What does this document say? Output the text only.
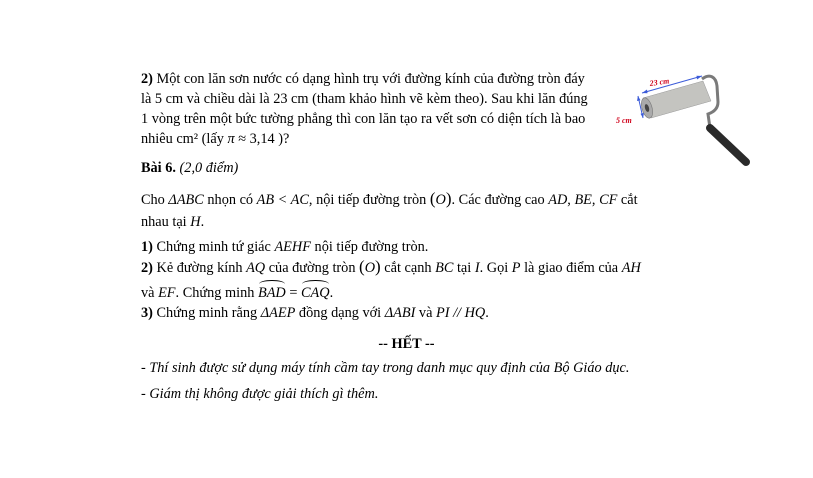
2) Một con lăn sơn nước có dạng hình trụ với đường kính của đường tròn đáy
là 5 cm và chiều dài là 23 cm (tham khảo hình vẽ kèm theo). Sau khi lăn đúng
1 vòng trên một bức tường phẳng thì con lăn tạo ra vết sơn có diện tích là bao
nhiêu cm² (lấy π ≈ 3,14 )?
23 cm
5 cm
Bài 6. (2,0 điểm)
Cho ΔABC nhọn có AB < AC, nội tiếp đường tròn (O). Các đường cao AD, BE, CF cắt
nhau tại H.
1) Chứng minh tứ giác AEHF nội tiếp đường tròn.
2) Kẻ đường kính AQ của đường tròn (O) cắt cạnh BC tại I. Gọi P là giao điểm của AH
và EF. Chứng minh BAD = CAQ.
3) Chứng minh rằng ΔAEP đồng dạng với ΔABI và PI // HQ.
-- HẾT --
- Thí sinh được sử dụng máy tính cầm tay trong danh mục quy định của Bộ Giáo dục.
- Giám thị không được giải thích gì thêm.
